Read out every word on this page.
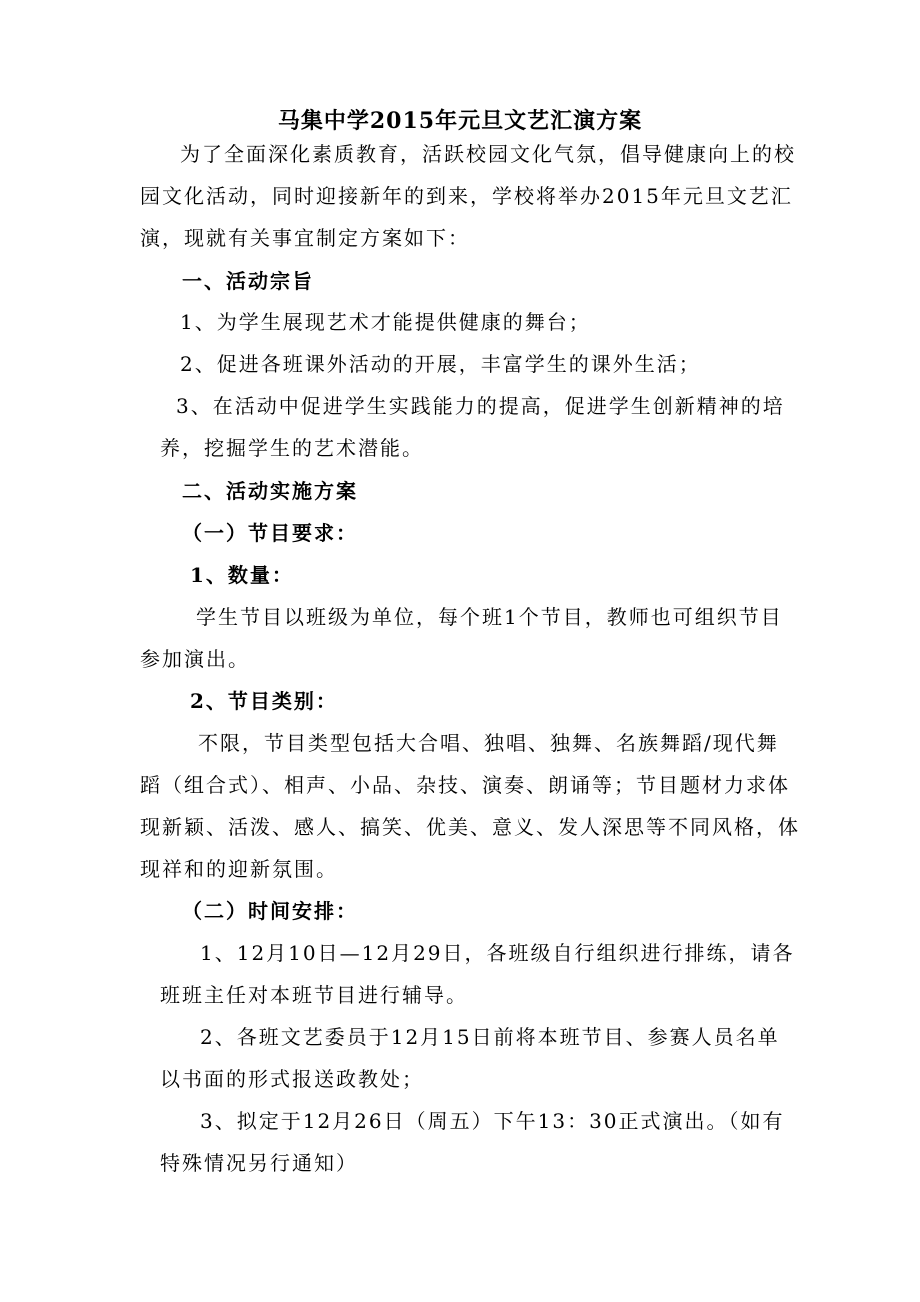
马集中学2015年元旦文艺汇演方案
为了全面深化素质教育，活跃校园文化气氛，倡导健康向上的校
园文化活动，同时迎接新年的到来，学校将举办2015年元旦文艺汇
演，现就有关事宜制定方案如下：
一、活动宗旨
1、为学生展现艺术才能提供健康的舞台；
2、促进各班课外活动的开展，丰富学生的课外生活；
3、在活动中促进学生实践能力的提高，促进学生创新精神的培
养，挖掘学生的艺术潜能。
二、活动实施方案
（一）节目要求：
1、数量：
学生节目以班级为单位，每个班1个节目，教师也可组织节目
参加演出。
2、节目类别：
不限，节目类型包括大合唱、独唱、独舞、名族舞蹈/现代舞
蹈（组合式）、相声、小品、杂技、演奏、朗诵等；节目题材力求体
现新颖、活泼、感人、搞笑、优美、意义、发人深思等不同风格，体
现祥和的迎新氛围。
（二）时间安排：
1、12月10日—12月29日，各班级自行组织进行排练，请各
班班主任对本班节目进行辅导。
2、各班文艺委员于12月15日前将本班节目、参赛人员名单
以书面的形式报送政教处；
3、拟定于12月26日（周五）下午13：30正式演出。（如有
特殊情况另行通知）
